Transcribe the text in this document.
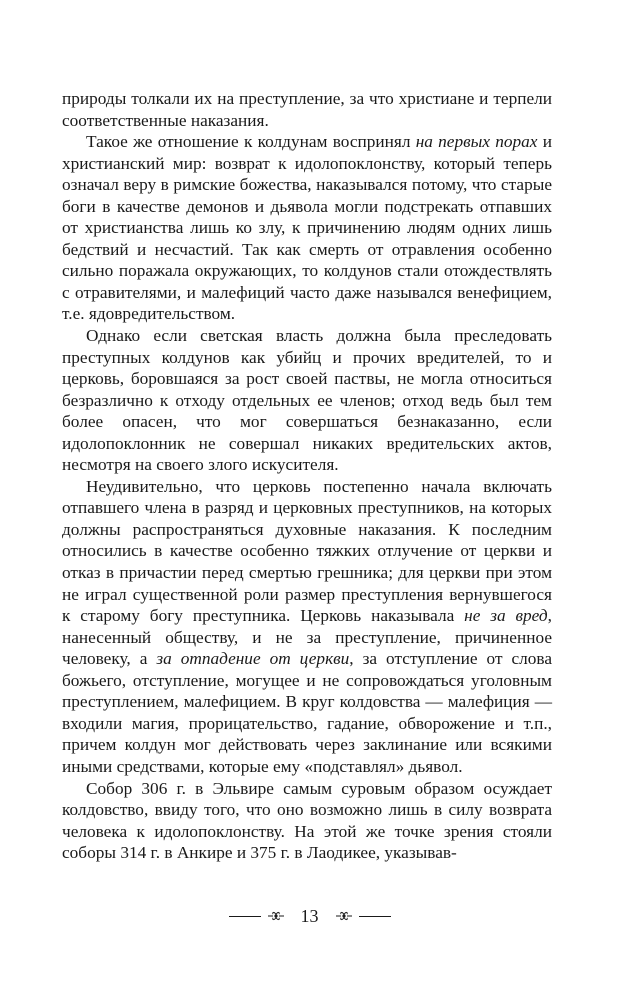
природы толкали их на преступление, за что христиане и терпели соответственные наказания.

Такое же отношение к колдунам воспринял на первых порах и христианский мир: возврат к идолопоклонству, который теперь означал веру в римские божества, наказывался потому, что старые боги в качестве демонов и дьявола могли подстрекать отпавших от христианства лишь ко злу, к причинению людям одних лишь бедствий и несчастий. Так как смерть от отравления особенно сильно поражала окружающих, то колдунов стали отождествлять с отравителями, и малефиций часто даже назывался венефицием, т.е. ядовредительством.

Однако если светская власть должна была преследовать преступных колдунов как убийц и прочих вредителей, то и церковь, боровшаяся за рост своей паствы, не могла относиться безразлично к отходу отдельных ее членов; отход ведь был тем более опасен, что мог совершаться безнаказанно, если идолопоклонник не совершал никаких вредительских актов, несмотря на своего злого искусителя.

Неудивительно, что церковь постепенно начала включать отпавшего члена в разряд и церковных преступников, на которых должны распространяться духовные наказания. К последним относились в качестве особенно тяжких отлучение от церкви и отказ в причастии перед смертью грешника; для церкви при этом не играл существенной роли размер преступления вернувшегося к старому богу преступника. Церковь наказывала не за вред, нанесенный обществу, и не за преступление, причиненное человеку, а за отпадение от церкви, за отступление от слова божьего, отступление, могущее и не сопровождаться уголовным преступлением, малефицием. В круг колдовства — малефиция — входили магия, прорицательство, гадание, обворожение и т.п., причем колдун мог действовать через заклинание или всякими иными средствами, которые ему «подставлял» дьявол.

Собор 306 г. в Эльвире самым суровым образом осуждает колдовство, ввиду того, что оно возможно лишь в силу возврата человека к идолопоклонству. На этой же точке зрения стояли соборы 314 г. в Анкире и 375 г. в Лаодикее, указывав-

13
